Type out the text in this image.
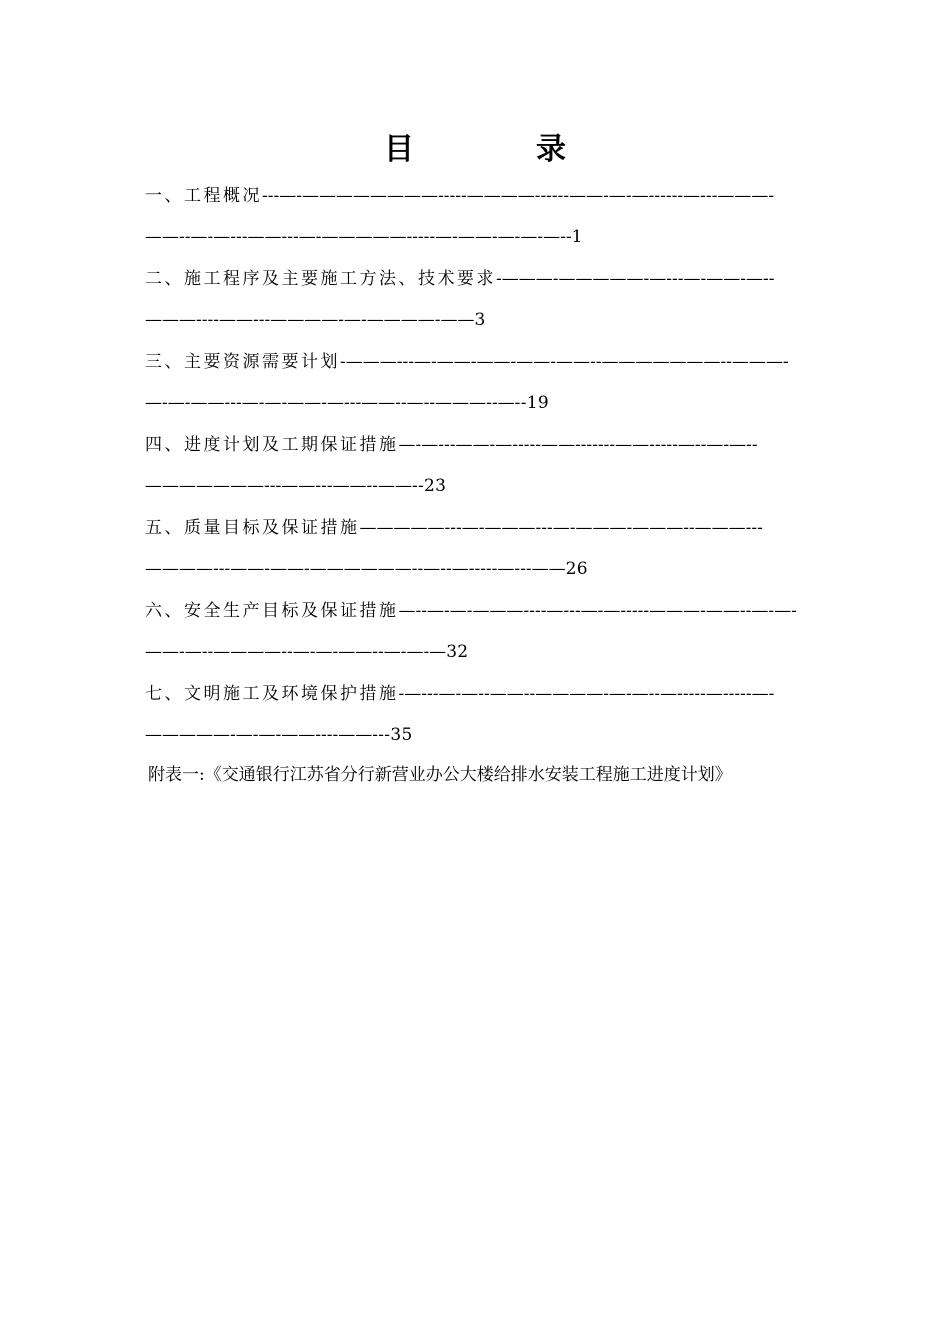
目　录
一、工程概况---—-————————-----————------——-—-—------—---———-——--—-—---——---—-—————-----—-——-—-—-—--1
二、施工程序及主要施工方法、技术要求-———-—————-—---—-——-—--———----——---————-—-————-——3
三、主要资源需要计划-———---—-——-——-——-——--———————--———-—-—-——---—-—-——-—---——--—--———--—--19
四、进度计划及工期保证措施—-—---——-—-----——-------——-----—--—-—--———————---——---——--——--23
五、质量目标及保证措施—————---—-———---—-———-———--———---————---——-——-——————--—--—-----—---——26
六、安全生产目标及保证措施—--—-—-———----—---—-—-----———-——--—-—-——-—--————--—-—-——--—-—-—32
七、文明施工及环境保护措施-—---—-—--——--————-—-—--—-----—-----—-—————-—-—-——----——---35
附表一:《交通银行江苏省分行新营业办公大楼给排水安装工程施工进度计划》
